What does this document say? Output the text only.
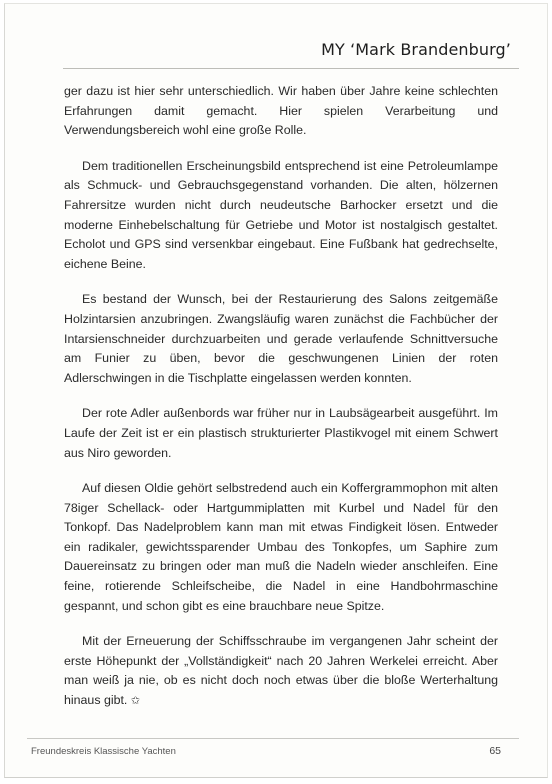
MY ‘Mark Brandenburg’

ger dazu ist hier sehr unterschiedlich. Wir haben über Jahre keine schlechten Erfahrungen damit gemacht. Hier spielen Verarbeitung und Verwendungsbereich wohl eine große Rolle.

Dem traditionellen Erscheinungsbild entsprechend ist eine Petroleumlampe als Schmuck- und Gebrauchsgegenstand vorhanden. Die alten, hölzernen Fahrersitze wurden nicht durch neudeutsche Barhocker ersetzt und die moderne Einhebelschaltung für Getriebe und Motor ist nostalgisch gestaltet. Echolot und GPS sind versenkbar eingebaut. Eine Fußbank hat gedrechselte, eichene Beine.

Es bestand der Wunsch, bei der Restaurierung des Salons zeitgemäße Holzintarsien anzubringen. Zwangsläufig waren zunächst die Fachbücher der Intarsienschneider durchzuarbeiten und gerade verlaufende Schnittversuche am Funier zu üben, bevor die geschwungenen Linien der roten Adlerschwingen in die Tischplatte eingelassen werden konnten.

Der rote Adler außenbords war früher nur in Laubsägearbeit ausgeführt. Im Laufe der Zeit ist er ein plastisch strukturierter Plastikvogel mit einem Schwert aus Niro geworden.

Auf diesen Oldie gehört selbstredend auch ein Koffergrammophon mit alten 78iger Schellack- oder Hartgummiplatten mit Kurbel und Nadel für den Tonkopf. Das Nadelproblem kann man mit etwas Findigkeit lösen. Entweder ein radikaler, gewichtssparender Umbau des Tonkopfes, um Saphire zum Dauereinsatz zu bringen oder man muß die Nadeln wieder anschleifen. Eine feine, rotierende Schleifscheibe, die Nadel in eine Handbohrmaschine gespannt, und schon gibt es eine brauchbare neue Spitze.

Mit der Erneuerung der Schiffsschraube im vergangenen Jahr scheint der erste Höhepunkt der „Vollständigkeit“ nach 20 Jahren Werkelei erreicht. Aber man weiß ja nie, ob es nicht doch noch etwas über die bloße Werterhaltung hinaus gibt. ✩

Freundeskreis Klassische Yachten	65
